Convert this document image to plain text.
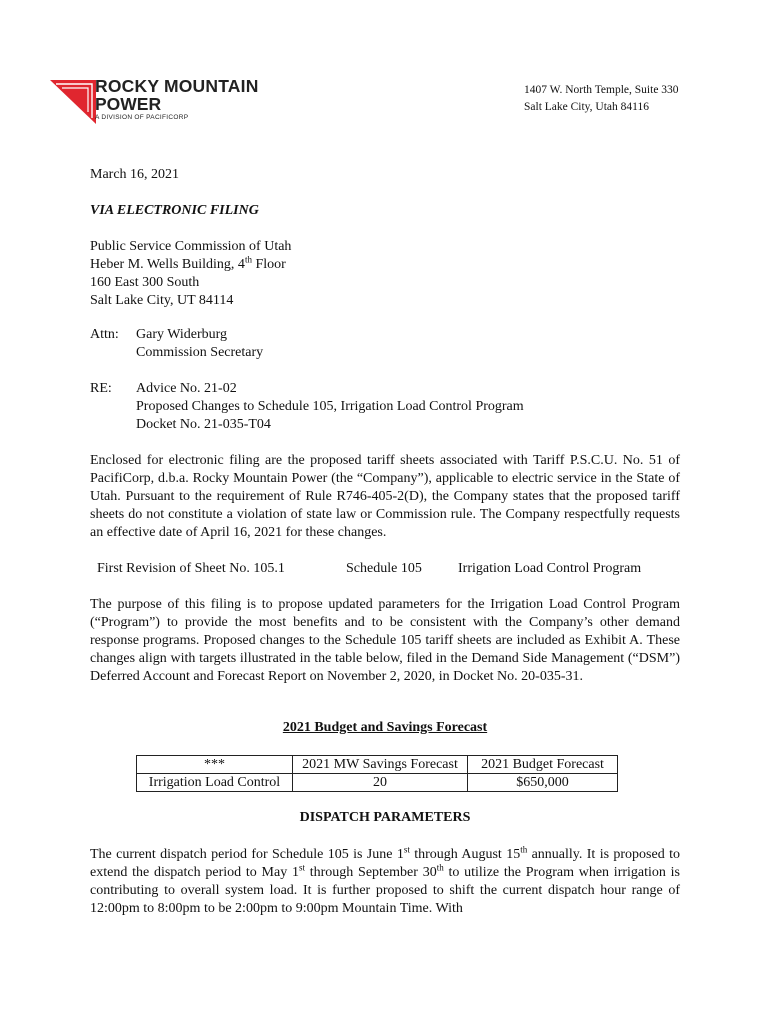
ROCKY MOUNTAIN
POWER
A DIVISION OF PACIFICORP
1407 W. North Temple, Suite 330
Salt Lake City, Utah 84116
March 16, 2021
VIA ELECTRONIC FILING
Public Service Commission of Utah
Heber M. Wells Building, 4th Floor
160 East 300 South
Salt Lake City, UT 84114
Attn: Gary Widerburg
Commission Secretary
RE: Advice No. 21-02
Proposed Changes to Schedule 105, Irrigation Load Control Program
Docket No. 21-035-T04
Enclosed for electronic filing are the proposed tariff sheets associated with Tariff P.S.C.U. No. 51 of PacifiCorp, d.b.a. Rocky Mountain Power (the “Company”), applicable to electric service in the State of Utah. Pursuant to the requirement of Rule R746-405-2(D), the Company states that the proposed tariff sheets do not constitute a violation of state law or Commission rule. The Company respectfully requests an effective date of April 16, 2021 for these changes.
First Revision of Sheet No. 105.1	Schedule 105	Irrigation Load Control Program
The purpose of this filing is to propose updated parameters for the Irrigation Load Control Program (“Program”) to provide the most benefits and to be consistent with the Company’s other demand response programs. Proposed changes to the Schedule 105 tariff sheets are included as Exhibit A. These changes align with targets illustrated in the table below, filed in the Demand Side Management (“DSM”) Deferred Account and Forecast Report on November 2, 2020, in Docket No. 20-035-31.
2021 Budget and Savings Forecast
***	2021 MW Savings Forecast	2021 Budget Forecast
Irrigation Load Control	20	$650,000
DISPATCH PARAMETERS
The current dispatch period for Schedule 105 is June 1st through August 15th annually. It is proposed to extend the dispatch period to May 1st through September 30th to utilize the Program when irrigation is contributing to overall system load. It is further proposed to shift the current dispatch hour range of 12:00pm to 8:00pm to be 2:00pm to 9:00pm Mountain Time. With
